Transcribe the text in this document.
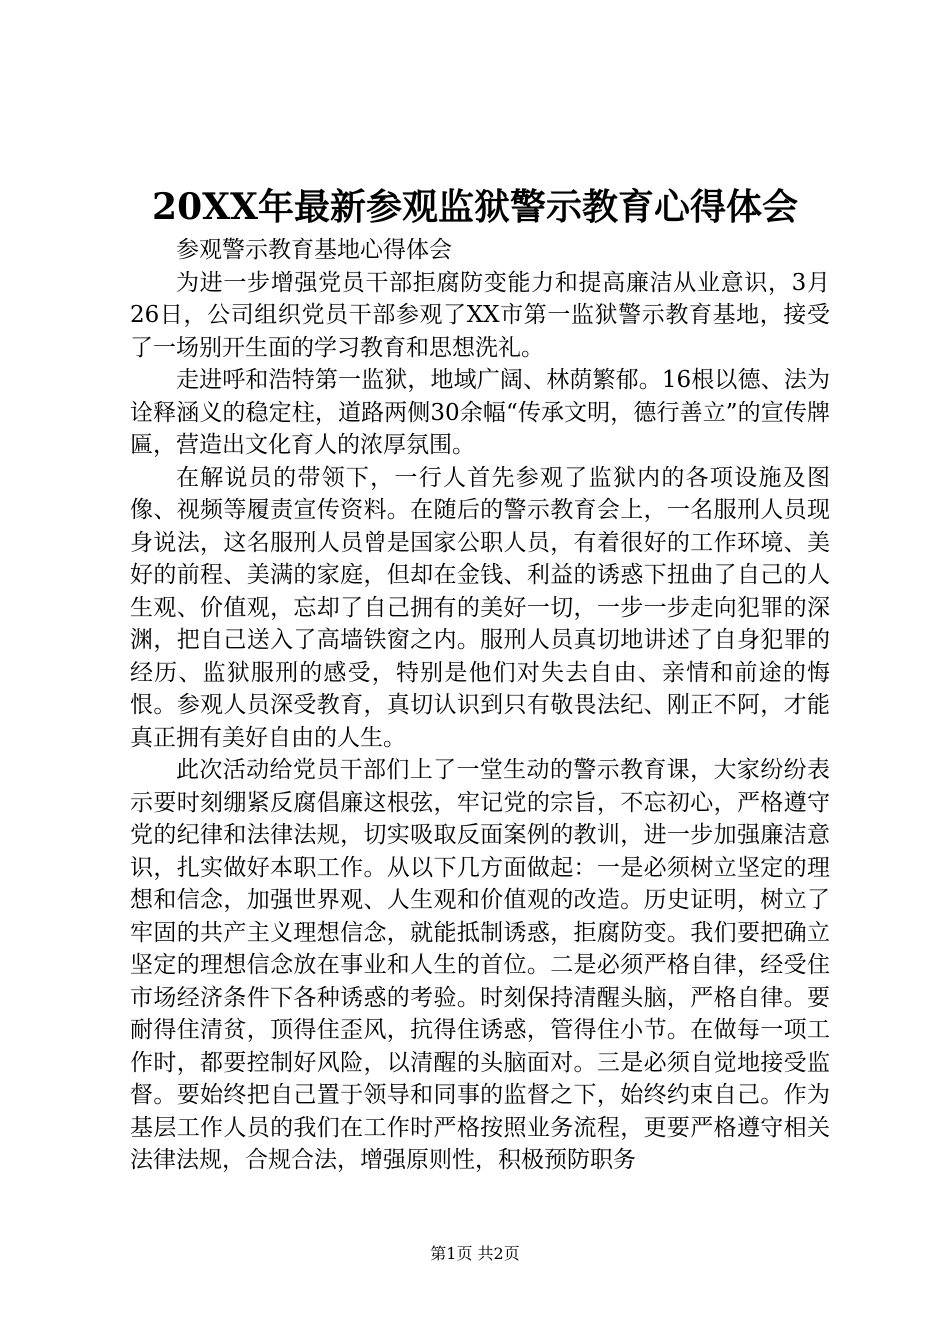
20XX年最新参观监狱警示教育心得体会

参观警示教育基地心得体会

为进一步增强党员干部拒腐防变能力和提高廉洁从业意识，3月26日，公司组织党员干部参观了XX市第一监狱警示教育基地，接受了一场别开生面的学习教育和思想洗礼。

走进呼和浩特第一监狱，地域广阔、林荫繁郁。16根以德、法为诠释涵义的稳定柱，道路两侧30余幅“传承文明，德行善立”的宣传牌匾，营造出文化育人的浓厚氛围。

在解说员的带领下，一行人首先参观了监狱内的各项设施及图像、视频等履责宣传资料。在随后的警示教育会上，一名服刑人员现身说法，这名服刑人员曾是国家公职人员，有着很好的工作环境、美好的前程、美满的家庭，但却在金钱、利益的诱惑下扭曲了自己的人生观、价值观，忘却了自己拥有的美好一切，一步一步走向犯罪的深渊，把自己送入了高墙铁窗之内。服刑人员真切地讲述了自身犯罪的经历、监狱服刑的感受，特别是他们对失去自由、亲情和前途的悔恨。参观人员深受教育，真切认识到只有敬畏法纪、刚正不阿，才能真正拥有美好自由的人生。

此次活动给党员干部们上了一堂生动的警示教育课，大家纷纷表示要时刻绷紧反腐倡廉这根弦，牢记党的宗旨，不忘初心，严格遵守党的纪律和法律法规，切实吸取反面案例的教训，进一步加强廉洁意识，扎实做好本职工作。从以下几方面做起：一是必须树立坚定的理想和信念，加强世界观、人生观和价值观的改造。历史证明，树立了牢固的共产主义理想信念，就能抵制诱惑，拒腐防变。我们要把确立坚定的理想信念放在事业和人生的首位。二是必须严格自律，经受住市场经济条件下各种诱惑的考验。时刻保持清醒头脑，严格自律。要耐得住清贫，顶得住歪风，抗得住诱惑，管得住小节。在做每一项工作时，都要控制好风险，以清醒的头脑面对。三是必须自觉地接受监督。要始终把自己置于领导和同事的监督之下，始终约束自己。作为基层工作人员的我们在工作时严格按照业务流程，更要严格遵守相关法律法规，合规合法，增强原则性，积极预防职务

第1页 共2页
